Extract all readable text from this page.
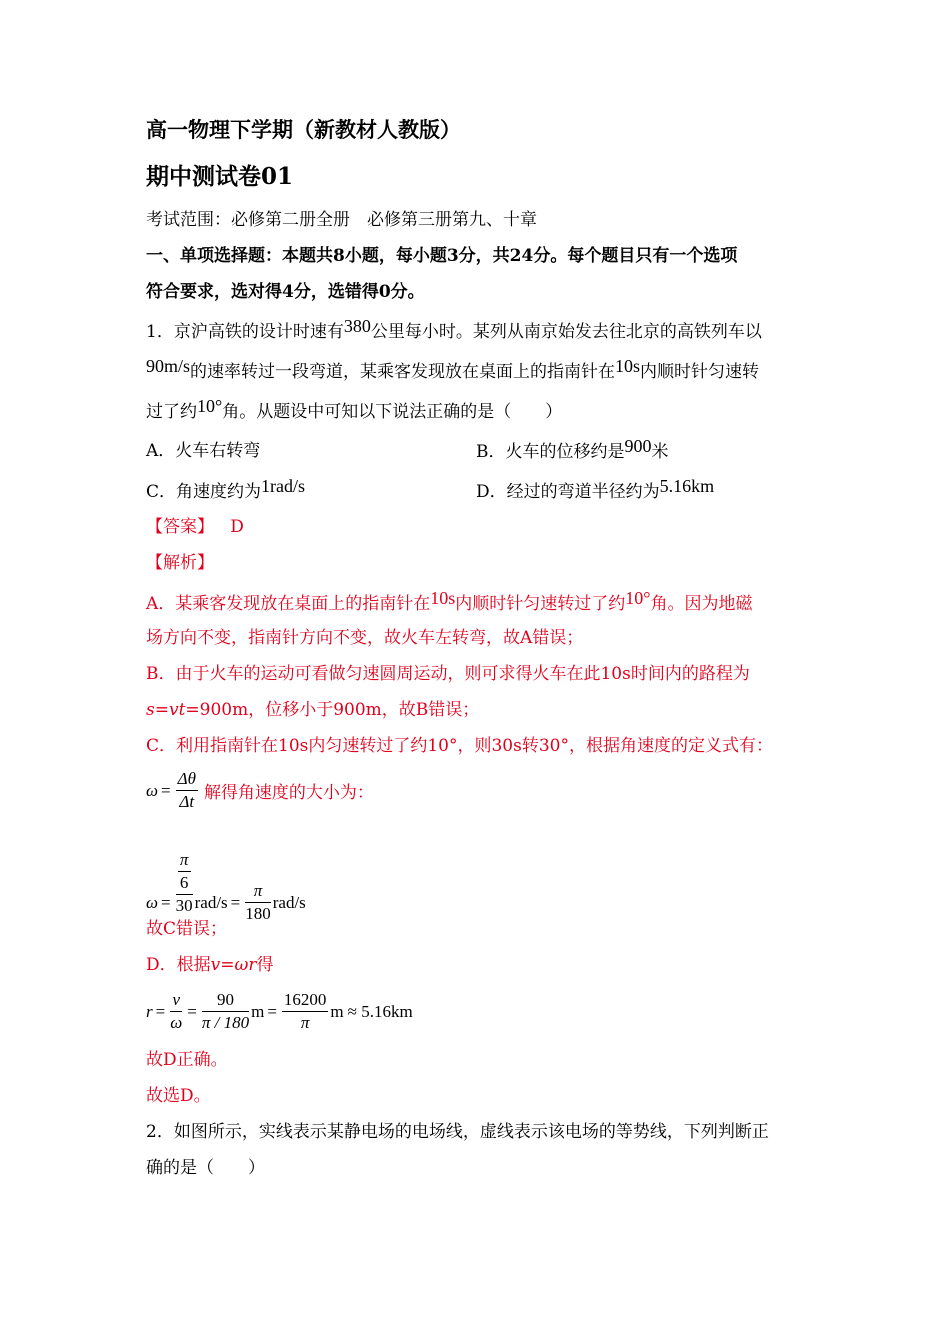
高一物理下学期（新教材人教版）
期中测试卷01
考试范围：必修第二册全册　必修第三册第九、十章
一、单项选择题：本题共8小题，每小题3分，共24分。每个题目只有一个选项
符合要求，选对得4分，选错得0分。
1．京沪高铁的设计时速有380公里每小时。某列从南京始发去往北京的高铁列车以
90m/s的速率转过一段弯道，某乘客发现放在桌面上的指南针在10s内顺时针匀速转
过了约10°角。从题设中可知以下说法正确的是（　　）
A．火车右转弯	B．火车的位移约是900米
C．角速度约为1rad/s	D．经过的弯道半径约为5.16km
【答案】 D
【解析】
A．某乘客发现放在桌面上的指南针在10s内顺时针匀速转过了约10°角。因为地磁
场方向不变，指南针方向不变，故火车左转弯，故A错误；
B．由于火车的运动可看做匀速圆周运动，则可求得火车在此10s时间内的路程为
s=vt=900m，位移小于900m，故B错误；
C．利用指南针在10s内匀速转过了约10°，则30s转30°，根据角速度的定义式有：
$\omega = \frac{\Delta\theta}{\Delta t}$ 解得角速度的大小为：
ω = π
6
30 $rad/s = \frac{\pi}{180} rad/s$
故C错误；
D．根据v=ωr得
$r = \frac{v}{\omega} = \frac{90}{\pi / 180}$ $m = \frac{16200}{\pi}$ m ≈ 5.16km
故D正确。
故选D。
2．如图所示，实线表示某静电场的电场线，虚线表示该电场的等势线，下列判断正
确的是（　　）
